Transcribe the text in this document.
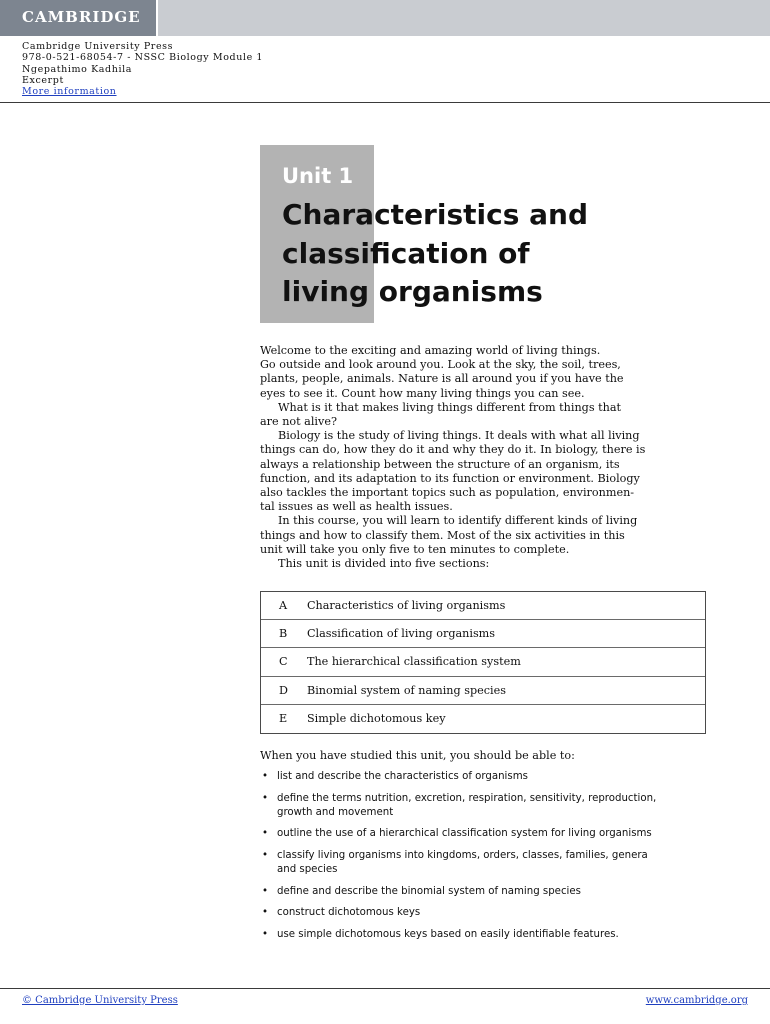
CAMBRIDGE
Cambridge University Press
978-0-521-68054-7 - NSSC Biology Module 1
Ngepathimo Kadhila
Excerpt
More information
Unit 1
Characteristics and
classification of
living organisms

Welcome to the exciting and amazing world of living things.
Go outside and look around you. Look at the sky, the soil, trees,
plants, people, animals. Nature is all around you if you have the
eyes to see it. Count how many living things you can see.

What is it that makes living things different from things that
are not alive?

Biology is the study of living things. It deals with what all living
things can do, how they do it and why they do it. In biology, there is
always a relationship between the structure of an organism, its
function, and its adaptation to its function or environment. Biology
also tackles the important topics such as population, environmen-
tal issues as well as health issues.

In this course, you will learn to identify different kinds of living
things and how to classify them. Most of the six activities in this
unit will take you only five to ten minutes to complete.

This unit is divided into five sections:

A	Characteristics of living organisms
B	Classification of living organisms
C	The hierarchical classification system
D	Binomial system of naming species
E	Simple dichotomous key
When you have studied this unit, you should be able to:
• list and describe the characteristics of organisms
• define the terms nutrition, excretion, respiration, sensitivity, reproduction,
growth and movement
• outline the use of a hierarchical classification system for living organisms
• classify living organisms into kingdoms, orders, classes, families, genera
and species
• define and describe the binomial system of naming species
• construct dichotomous keys
• use simple dichotomous keys based on easily identifiable features.
© Cambridge University Press	www.cambridge.org
